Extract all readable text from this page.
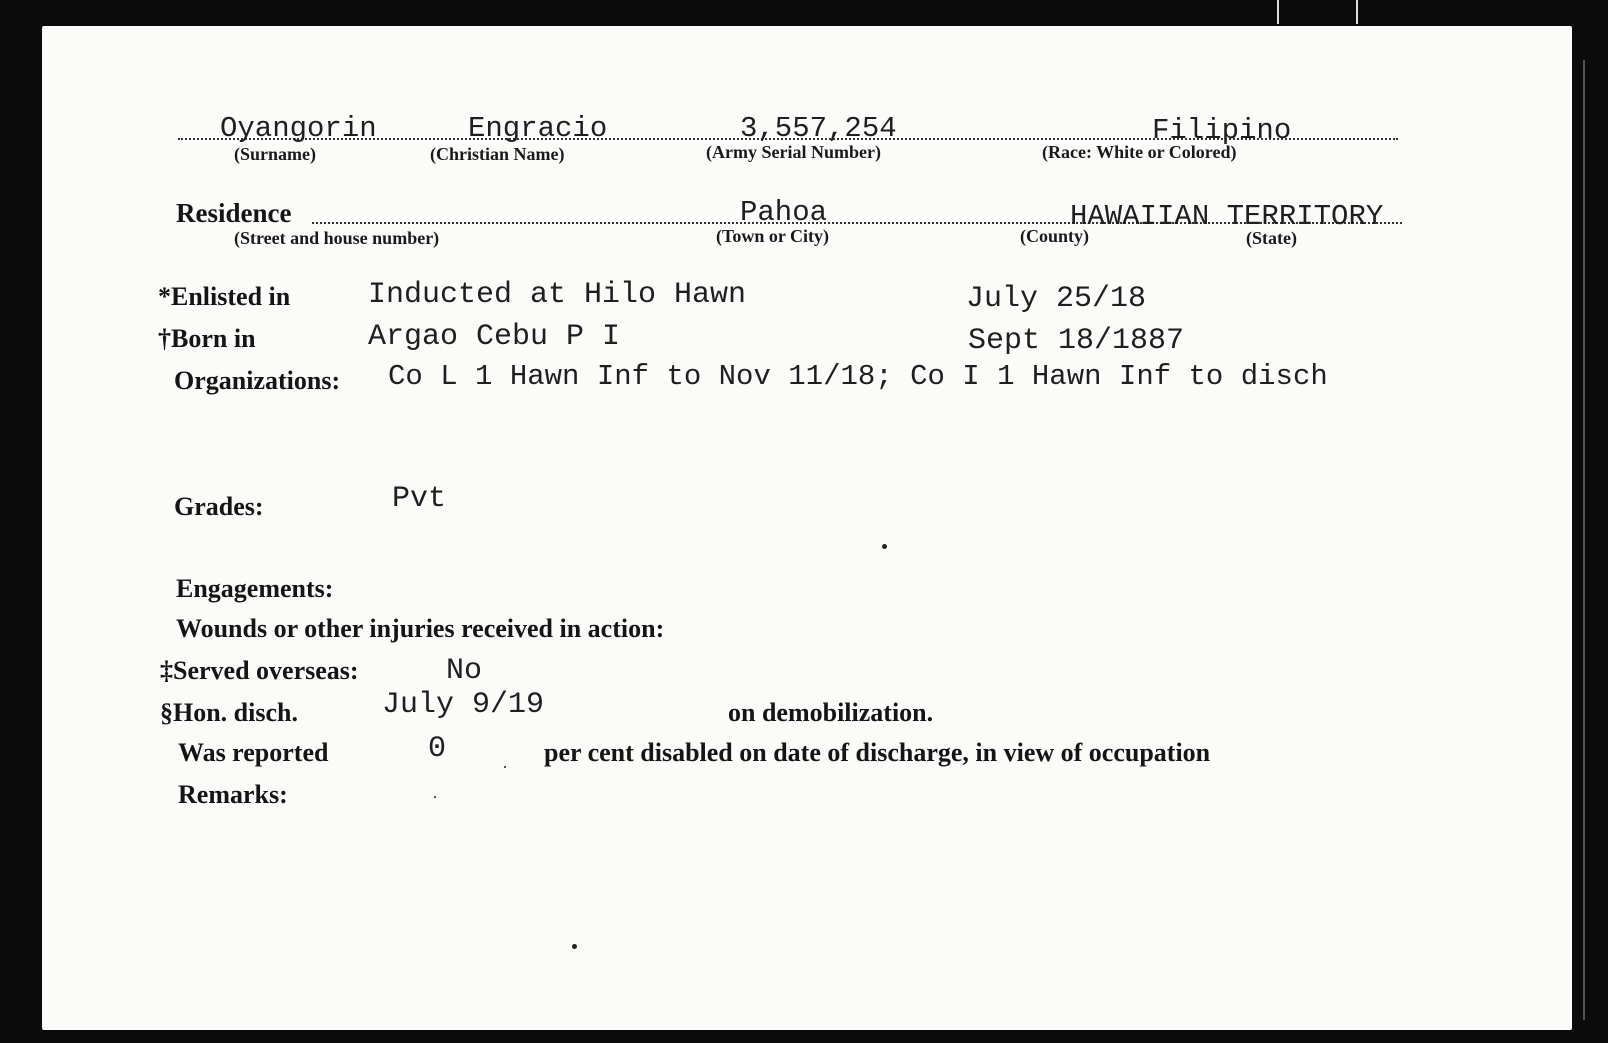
Oyangorin	Engracio	3,557,254	Filipino
(Surname)	(Christian Name)	(Army Serial Number)	(Race: White or Colored)
Residence	Pahoa	HAWAIIAN TERRITORY
(Street and house number)	(Town or City)	(County)	(State)
*Enlisted in	Inducted at Hilo Hawn	July 25/18
†Born in	Argao Cebu P I	Sept 18/1887
Organizations: Co L 1 Hawn Inf to Nov 11/18; Co I 1 Hawn Inf to disch
Grades:	Pvt
Engagements:
Wounds or other injuries received in action:
‡Served overseas:	No
§Hon. disch.	July 9/19	on demobilization.
Was reported	0	per cent disabled on date of discharge, in view of occupation
Remarks:
